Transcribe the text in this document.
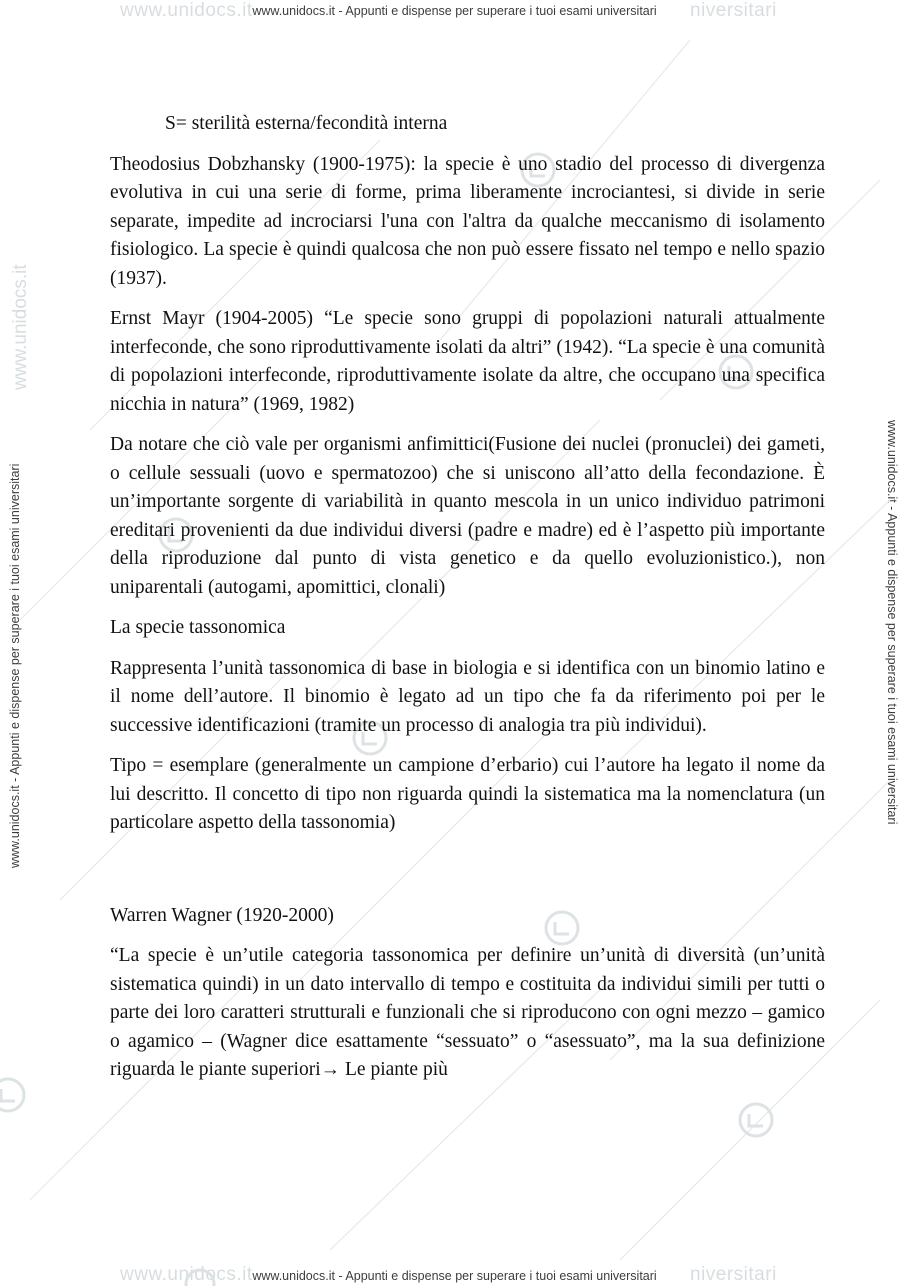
www.unidocs.it	niversitari
www.unidocs.it	niversitari
www.unidocs.it - Appunti e dispense per superare i tuoi esami universitari
www.unidocs.it - Appunti e dispense per superare i tuoi esami universitari
www.unidocs.it
www.unidocs.it - Appunti e dispense per superare i tuoi esami universitari	www.unidocs.it - Appunti e dispense per superare i tuoi esami universitari

S= sterilità esterna/fecondità interna

Theodosius Dobzhansky (1900-1975): la specie è uno stadio del processo di divergenza evolutiva in cui una serie di forme, prima liberamente incrociantesi, si divide in serie separate, impedite ad incrociarsi l'una con l'altra da qualche meccanismo di isolamento fisiologico. La specie è quindi qualcosa che non può essere fissato nel tempo e nello spazio (1937).

Ernst Mayr (1904-2005) “Le specie sono gruppi di popolazioni naturali attualmente interfeconde, che sono riproduttivamente isolati da altri” (1942). “La specie è una comunità di popolazioni interfeconde, riproduttivamente isolate da altre, che occupano una specifica nicchia in natura” (1969, 1982)

Da notare che ciò vale per organismi anfimittici(Fusione dei nuclei (pronuclei) dei gameti, o cellule sessuali (uovo e spermatozoo) che si uniscono all’atto della fecondazione. È un’importante sorgente di variabilità in quanto mescola in un unico individuo patrimoni ereditari provenienti da due individui diversi (padre e madre) ed è l’aspetto più importante della riproduzione dal punto di vista genetico e da quello evoluzionistico.), non uniparentali (autogami, apomittici, clonali)

La specie tassonomica

Rappresenta l’unità tassonomica di base in biologia e si identifica con un binomio latino e il nome dell’autore. Il binomio è legato ad un tipo che fa da riferimento poi per le successive identificazioni (tramite un processo di analogia tra più individui).

Tipo = esemplare (generalmente un campione d’erbario) cui l’autore ha legato il nome da lui descritto. Il concetto di tipo non riguarda quindi la sistematica ma la nomenclatura (un particolare aspetto della tassonomia)

Warren Wagner (1920-2000)

“La specie è un’utile categoria tassonomica per definire un’unità di diversità (un’unità sistematica quindi) in un dato intervallo di tempo e costituita da individui simili per tutti o parte dei loro caratteri strutturali e funzionali che si riproducono con ogni mezzo – gamico o agamico – (Wagner dice esattamente “sessuato” o “asessuato”, ma la sua definizione riguarda le piante superiori→ Le piante più
